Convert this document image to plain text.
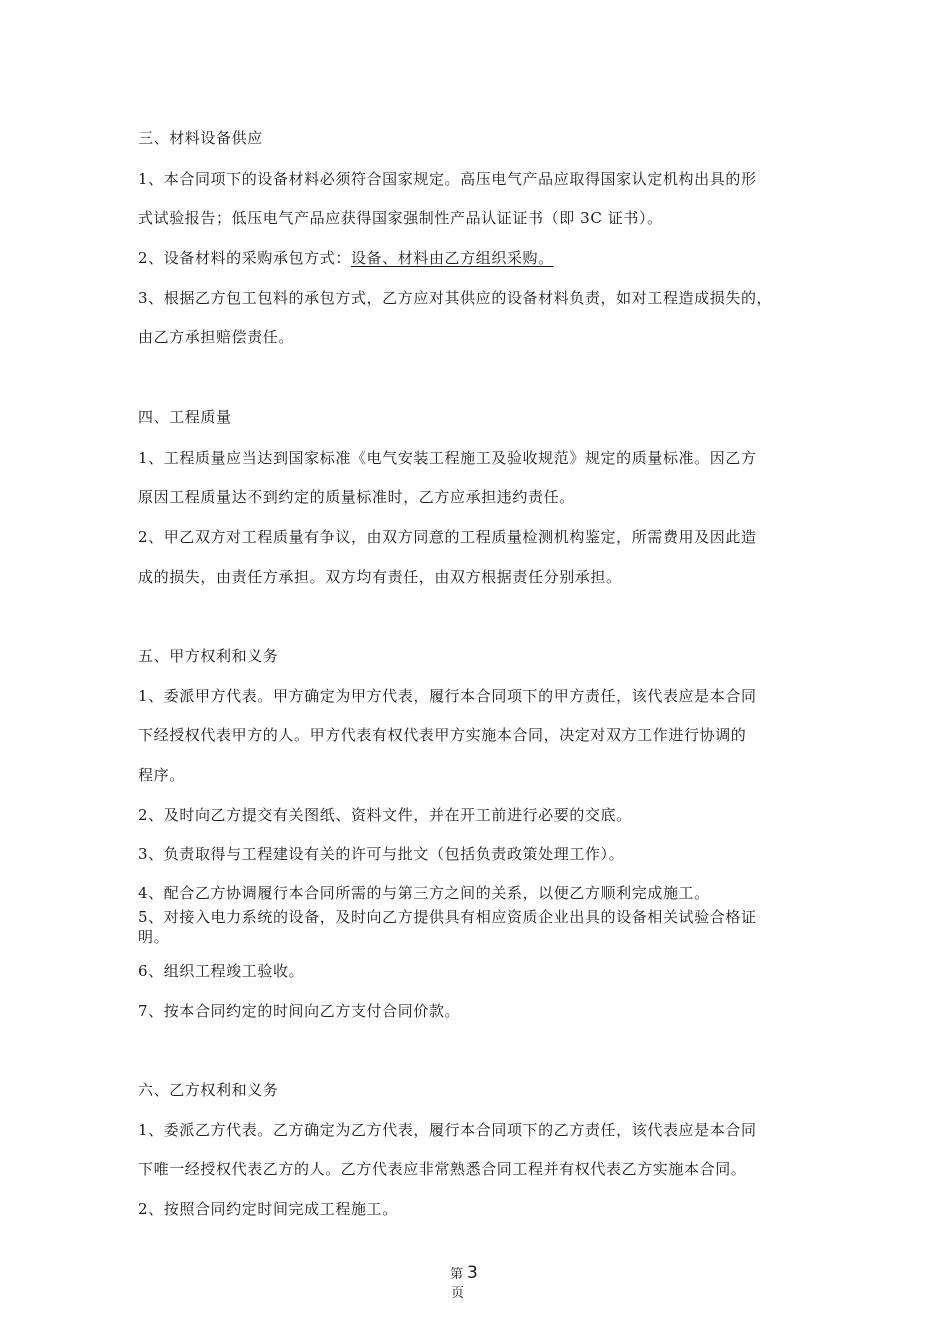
三、材料设备供应
1、本合同项下的设备材料必须符合国家规定。高压电气产品应取得国家认定机构出具的形
式试验报告；低压电气产品应获得国家强制性产品认证证书（即 3C 证书）。
2、设备材料的采购承包方式：设备、材料由乙方组织采购。
3、根据乙方包工包料的承包方式，乙方应对其供应的设备材料负责，如对工程造成损失的，
由乙方承担赔偿责任。
四、工程质量
1、工程质量应当达到国家标准《电气安装工程施工及验收规范》规定的质量标准。因乙方
原因工程质量达不到约定的质量标准时，乙方应承担违约责任。
2、甲乙双方对工程质量有争议，由双方同意的工程质量检测机构鉴定，所需费用及因此造
成的损失，由责任方承担。双方均有责任，由双方根据责任分别承担。
五、甲方权利和义务
1、委派甲方代表。甲方确定为甲方代表，履行本合同项下的甲方责任，该代表应是本合同
下经授权代表甲方的人。甲方代表有权代表甲方实施本合同，决定对双方工作进行协调的
程序。
2、及时向乙方提交有关图纸、资料文件，并在开工前进行必要的交底。
3、负责取得与工程建设有关的许可与批文（包括负责政策处理工作）。
4、配合乙方协调履行本合同所需的与第三方之间的关系，以便乙方顺利完成施工。
5、对接入电力系统的设备，及时向乙方提供具有相应资质企业出具的设备相关试验合格证
明。
6、组织工程竣工验收。
7、按本合同约定的时间向乙方支付合同价款。
六、乙方权利和义务
1、委派乙方代表。乙方确定为乙方代表，履行本合同项下的乙方责任，该代表应是本合同
下唯一经授权代表乙方的人。乙方代表应非常熟悉合同工程并有权代表乙方实施本合同。
2、按照合同约定时间完成工程施工。
第 3
页
